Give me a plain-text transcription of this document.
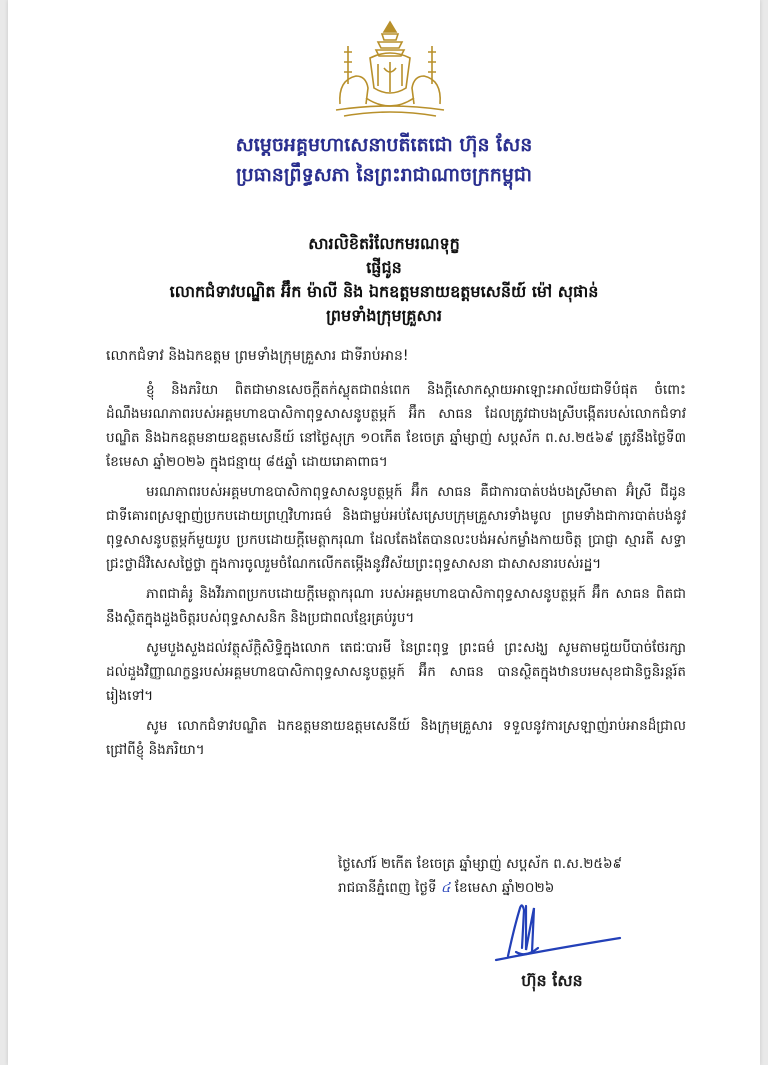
សម្តេចអគ្គមហាសេនាបតីតេជោ ហ៊ុន សែន
ប្រធានព្រឹទ្ធសភា នៃព្រះរាជាណាចក្រកម្ពុជា
សារលិខិតរំលែកមរណទុក្ខ
ផ្ញើជូន
លោកជំទាវបណ្ឌិត អ៊ឹក ម៉ាលី និង ឯកឧត្តមនាយឧត្តមសេនីយ៍ ម៉ៅ សុផាន់
ព្រមទាំងក្រុមគ្រួសារ

លោកជំទាវ និងឯកឧត្តម ព្រមទាំងក្រុមគ្រួសារ ជាទីរាប់អាន!

ខ្ញុំ និងភរិយា ពិតជាមានសេចក្តីតក់ស្លុតជាពន់ពេក និងក្តីសោកស្តាយអាឡោះអាល័យជាទីបំផុត ចំពោះដំណឹងមរណភាពរបស់អគ្គមហាឧបាសិកាពុទ្ធសាសនូបត្ថម្ភក៍ អ៊ឹក សាធន ដែលត្រូវជាបងស្រីបង្កើតរបស់លោកជំទាវបណ្ឌិត និងឯកឧត្តមនាយឧត្តមសេនីយ៍ នៅថ្ងៃសុក្រ ១០កើត ខែចេត្រ ឆ្នាំម្សាញ់ សប្តស័ក ព.ស.២៥៦៩ ត្រូវនឹងថ្ងៃទី៣ ខែមេសា ឆ្នាំ២០២៦ ក្នុងជន្មាយុ ៨៥ឆ្នាំ ដោយរោគាពាធ។

មរណភាពរបស់អគ្គមហាឧបាសិកាពុទ្ធសាសនូបត្ថម្ភក៍ អ៊ឹក សាធន គឺជាការបាត់បង់បងស្រីមាតា អ៊ំស្រី ជីដូន ជាទីគោរពស្រឡាញ់ប្រកបដោយព្រហ្មវិហារធម៌ និងជាម្លប់អប់សែស្រេបក្រុមគ្រួសារទាំងមូល ព្រមទាំងជាការបាត់បង់នូវពុទ្ធសាសនូបត្ថម្ភក៍មួយរូប ប្រកបដោយក្តីមេត្តាករុណា ដែលតែងតែបានលះបង់អស់កម្លាំងកាយចិត្ត ប្រាជ្ញា ស្មារតី សទ្ធាជ្រះថ្លាដ៏វិសេសថ្លៃថ្លា ក្នុងការចូលរួមចំណែកលើកតម្កើងនូវវិស័យព្រះពុទ្ធសាសនា ជាសាសនារបស់រដ្ឋ។

ភាពជាគំរូ និងវីរភាពប្រកបដោយក្តីមេត្តាករុណា របស់អគ្គមហាឧបាសិកាពុទ្ធសាសនូបត្ថម្ភក៍ អ៊ឹក សាធន ពិតជានឹងស្ថិតក្នុងដួងចិត្តរបស់ពុទ្ធសាសនិក និងប្រជាពលខ្មែរគ្រប់រូប។

សូមបួងសួងដល់វត្ថុស័ក្តិសិទ្ធិក្នុងលោក តេជៈបារមី នៃព្រះពុទ្ធ ព្រះធម៌ ព្រះសង្ឃ សូមតាមជួយបីបាច់ថែរក្សាដល់ដួងវិញ្ញាណក្ខន្ធរបស់អគ្គមហាឧបាសិកាពុទ្ធសាសនូបត្ថម្ភក៍ អ៊ឹក សាធន បានស្ថិតក្នុងឋានបរមសុខជានិច្ចនិរន្តរ៍តរៀងទៅ។

សូម លោកជំទាវបណ្ឌិត ឯកឧត្តមនាយឧត្តមសេនីយ៍ និងក្រុមគ្រួសារ ទទួលនូវការស្រឡាញ់រាប់អានដ៏ជ្រាលជ្រៅពីខ្ញុំ និងភរិយា។

ថ្ងៃសៅរ៍ ២កើត ខែចេត្រ ឆ្នាំម្សាញ់ សប្តស័ក ព.ស.២៥៦៩
រាជធានីភ្នំពេញ ថ្ងៃទី ៤ ខែមេសា ឆ្នាំ២០២៦
ហ៊ុន សែន
